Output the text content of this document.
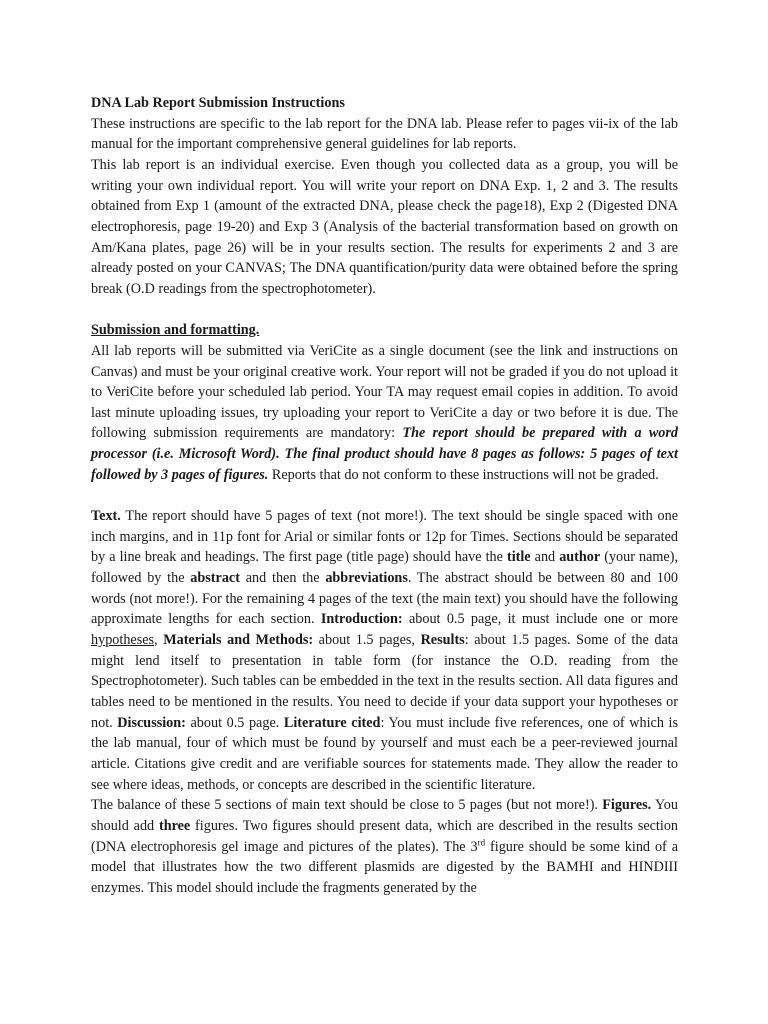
DNA Lab Report Submission Instructions

These instructions are specific to the lab report for the DNA lab. Please refer to pages vii-ix of the lab manual for the important comprehensive general guidelines for lab reports.

This lab report is an individual exercise. Even though you collected data as a group, you will be writing your own individual report. You will write your report on DNA Exp. 1, 2 and 3. The results obtained from Exp 1 (amount of the extracted DNA, please check the page18), Exp 2 (Digested DNA electrophoresis, page 19-20) and Exp 3 (Analysis of the bacterial transformation based on growth on Am/Kana plates, page 26) will be in your results section. The results for experiments 2 and 3 are already posted on your CANVAS; The DNA quantification/purity data were obtained before the spring break (O.D readings from the spectrophotometer).

Submission and formatting.

All lab reports will be submitted via VeriCite as a single document (see the link and instructions on Canvas) and must be your original creative work. Your report will not be graded if you do not upload it to VeriCite before your scheduled lab period. Your TA may request email copies in addition. To avoid last minute uploading issues, try uploading your report to VeriCite a day or two before it is due. The following submission requirements are mandatory: The report should be prepared with a word processor (i.e. Microsoft Word). The final product should have 8 pages as follows: 5 pages of text followed by 3 pages of figures. Reports that do not conform to these instructions will not be graded.

Text. The report should have 5 pages of text (not more!). The text should be single spaced with one inch margins, and in 11p font for Arial or similar fonts or 12p for Times. Sections should be separated by a line break and headings. The first page (title page) should have the title and author (your name), followed by the abstract and then the abbreviations. The abstract should be between 80 and 100 words (not more!). For the remaining 4 pages of the text (the main text) you should have the following approximate lengths for each section. Introduction: about 0.5 page, it must include one or more hypotheses, Materials and Methods: about 1.5 pages, Results: about 1.5 pages. Some of the data might lend itself to presentation in table form (for instance the O.D. reading from the Spectrophotometer). Such tables can be embedded in the text in the results section. All data figures and tables need to be mentioned in the results. You need to decide if your data support your hypotheses or not. Discussion: about 0.5 page. Literature cited: You must include five references, one of which is the lab manual, four of which must be found by yourself and must each be a peer-reviewed journal article. Citations give credit and are verifiable sources for statements made. They allow the reader to see where ideas, methods, or concepts are described in the scientific literature.

The balance of these 5 sections of main text should be close to 5 pages (but not more!). Figures. You should add three figures. Two figures should present data, which are described in the results section (DNA electrophoresis gel image and pictures of the plates). The 3rd figure should be some kind of a model that illustrates how the two different plasmids are digested by the BAMHI and HINDIII enzymes. This model should include the fragments generated by the
